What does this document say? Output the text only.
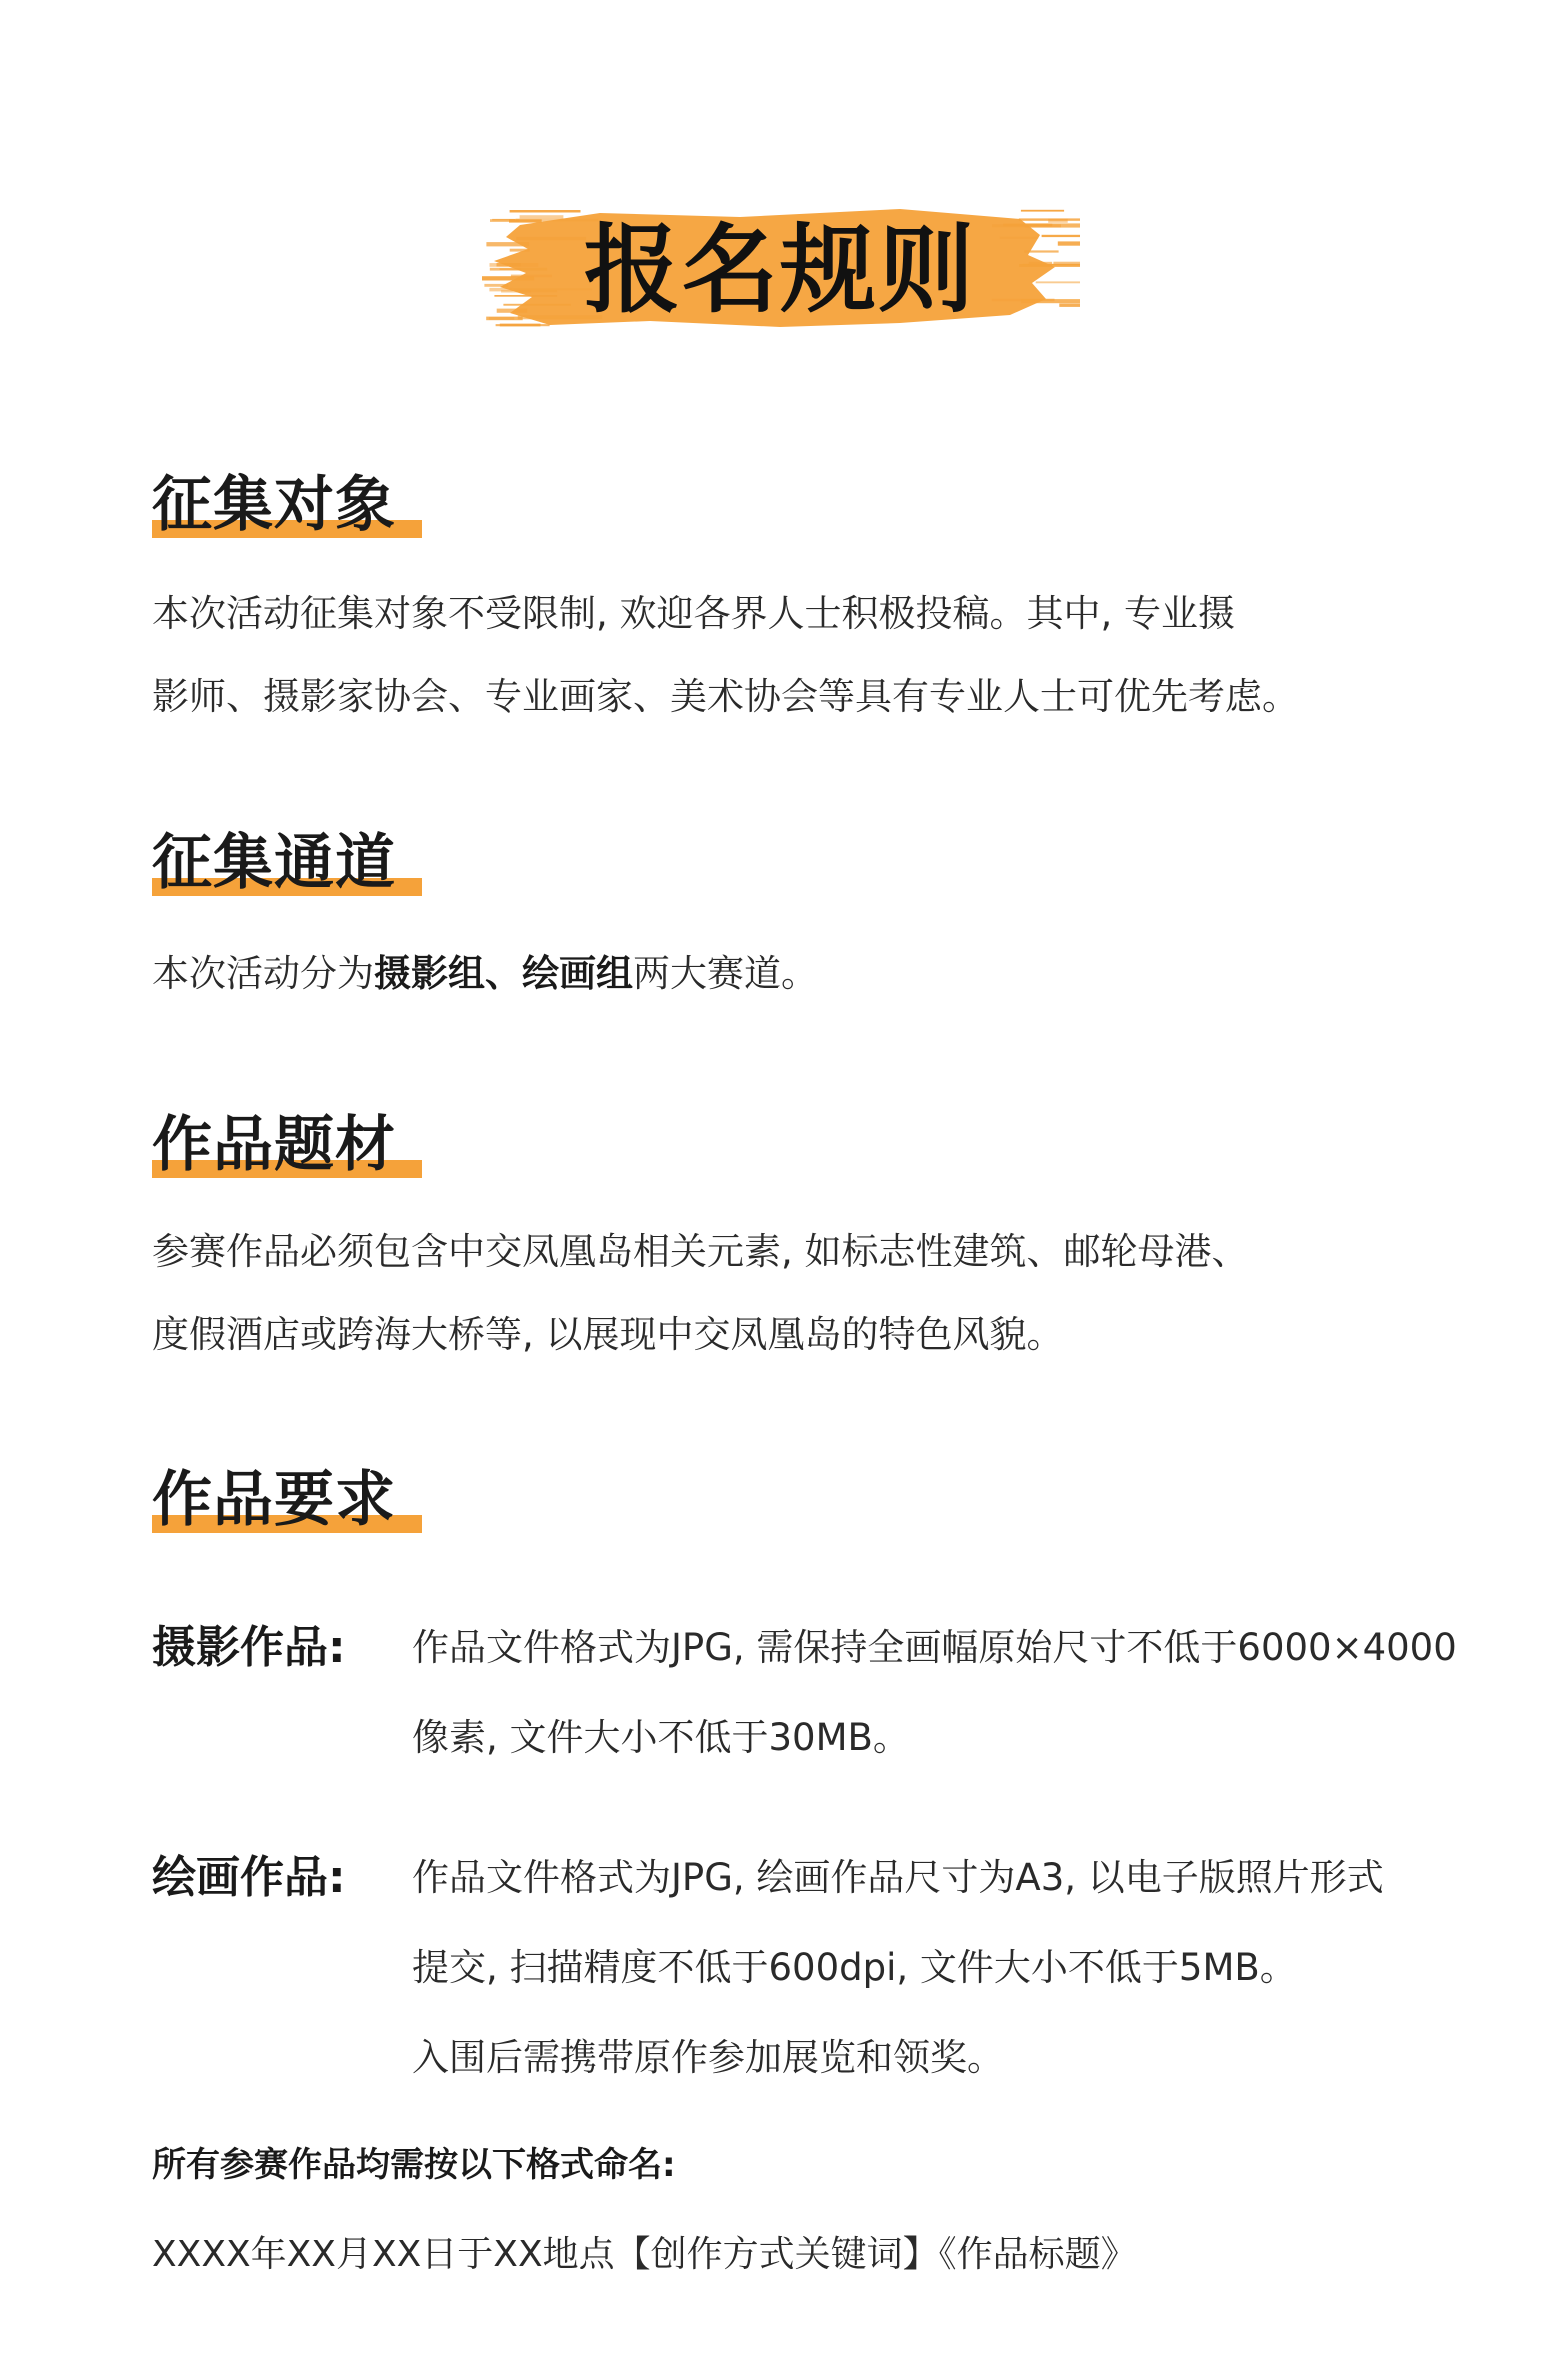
报名规则
征集对象
本次活动征集对象不受限制, 欢迎各界人士积极投稿。其中, 专业摄
影师、摄影家协会、专业画家、美术协会等具有专业人士可优先考虑。
征集通道
本次活动分为摄影组、绘画组两大赛道。
作品题材
参赛作品必须包含中交凤凰岛相关元素, 如标志性建筑、邮轮母港、
度假酒店或跨海大桥等, 以展现中交凤凰岛的特色风貌。
作品要求
摄影作品: 作品文件格式为JPG, 需保持全画幅原始尺寸不低于6000×4000
像素, 文件大小不低于30MB。
绘画作品: 作品文件格式为JPG, 绘画作品尺寸为A3, 以电子版照片形式
提交, 扫描精度不低于600dpi, 文件大小不低于5MB。
入围后需携带原作参加展览和领奖。
所有参赛作品均需按以下格式命名:
XXXX年XX月XX日于XX地点【创作方式关键词】《作品标题》
